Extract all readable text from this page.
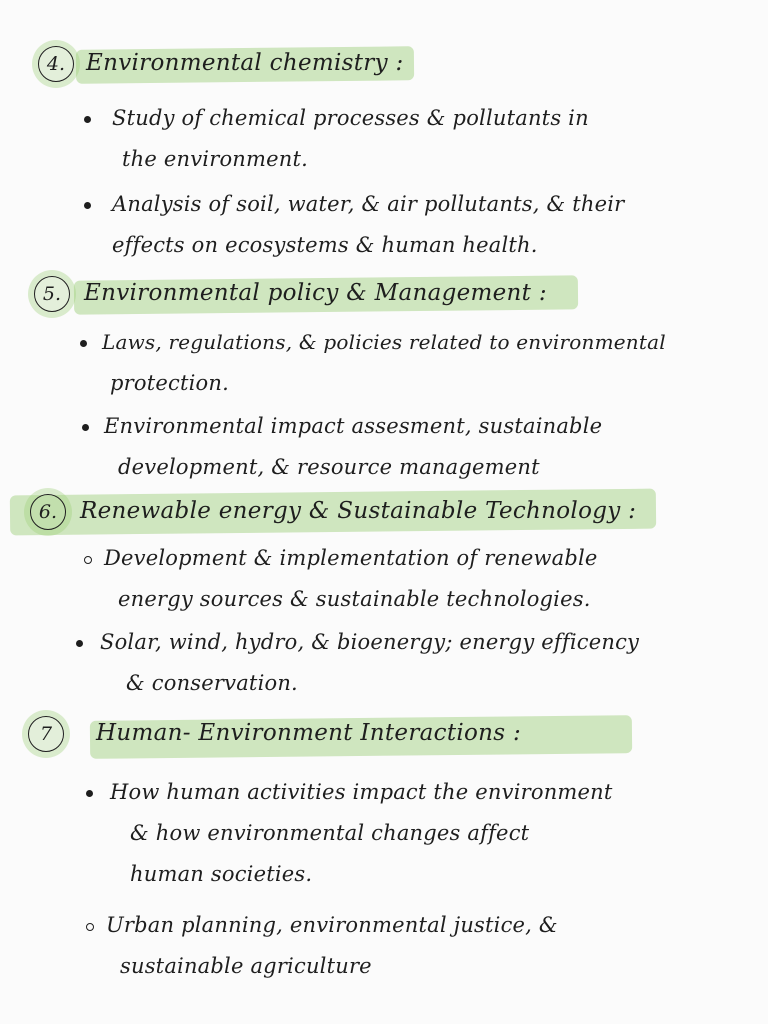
4. Environmental chemistry :
Study of chemical processes & pollutants in
the environment.
Analysis of soil, water, & air pollutants, & their
effects on ecosystems & human health.
5. Environmental policy & Management :
Laws, regulations, & policies related to environmental
protection.
Environmental impact assesment, sustainable
development, & resource management
6. Renewable energy & Sustainable Technology :
Development & implementation of renewable
energy sources & sustainable technologies.
Solar, wind, hydro, & bioenergy; energy efficency
& conservation.
7	Human- Environment Interactions :
How human activities impact the environment
& how environmental changes affect
human societies.
Urban planning, environmental justice, &
sustainable agriculture
